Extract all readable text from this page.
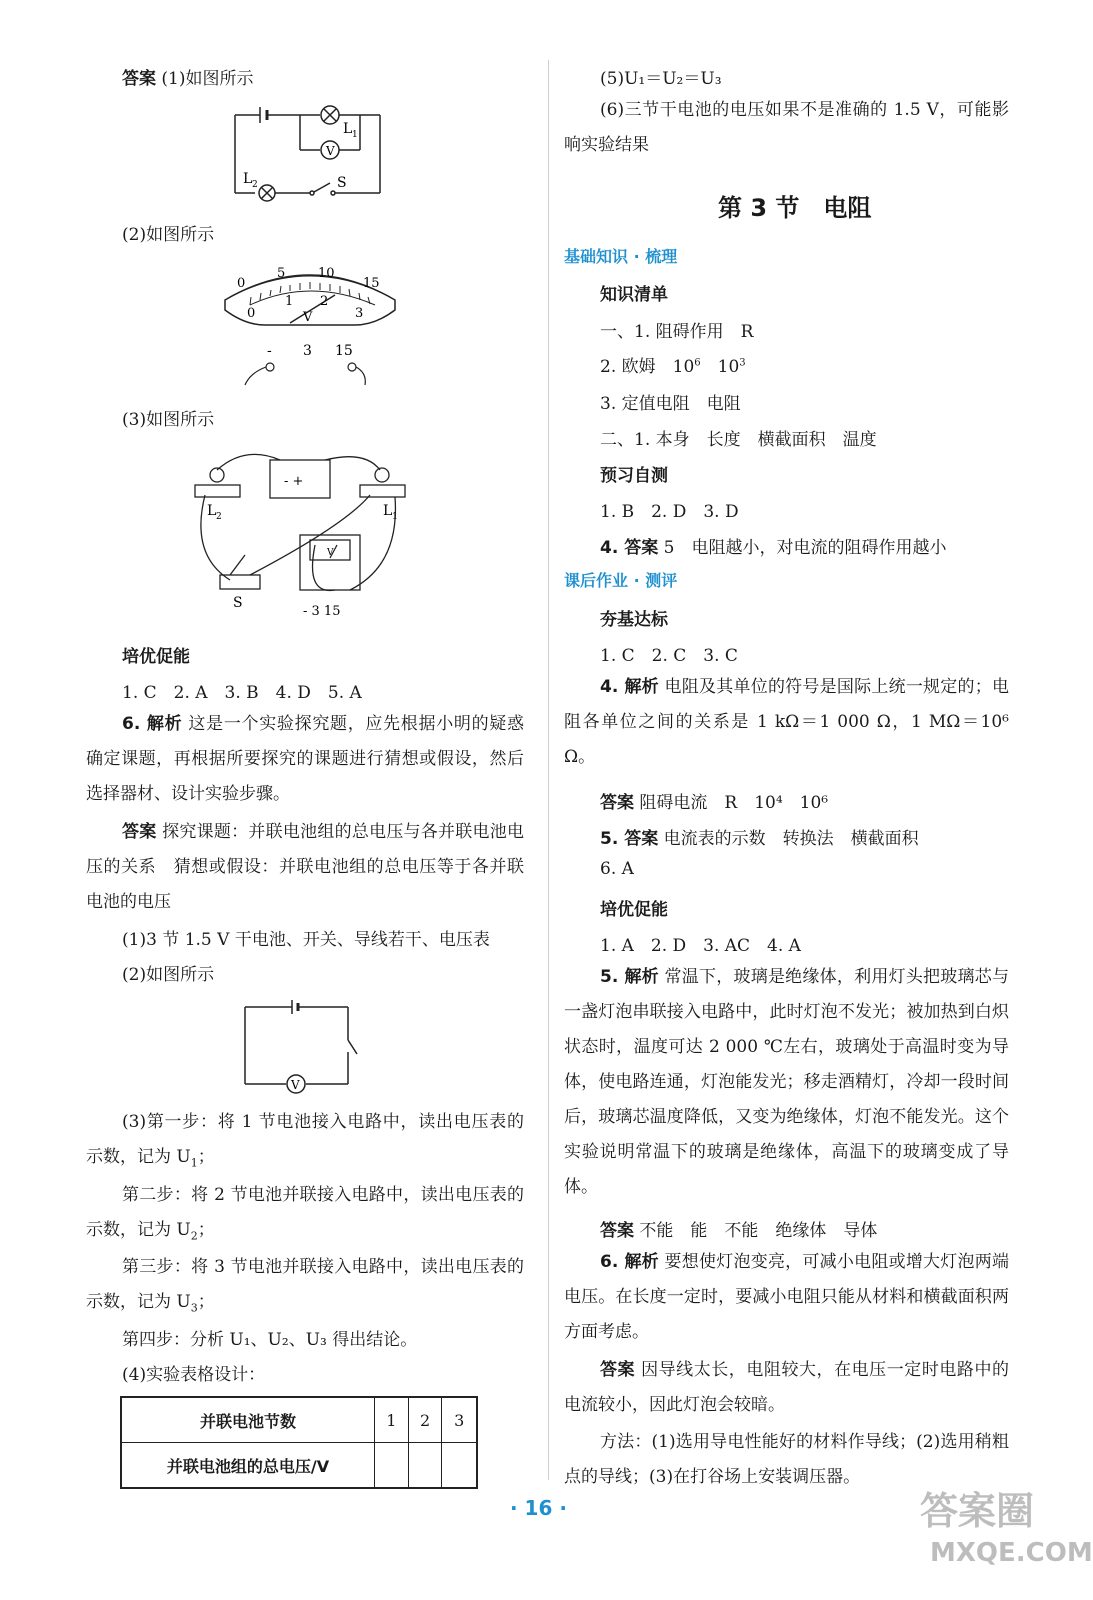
答案 (1)如图所示
V
L 1
L 2	S
(2)如图所示
0
5	10
15
0
1 2
3
V
- 3 15
(3)如图所示
- +
V
L 2	L 1
S
- 3 15
培优促能
1. C　2. A　3. B　4. D　5. A
6. 解析 这是一个实验探究题，应先根据小明的疑惑确定课题，再根据所要探究的课题进行猜想或假设，然后选择器材、设计实验步骤。
答案 探究课题：并联电池组的总电压与各并联电池电压的关系　猜想或假设：并联电池组的总电压等于各并联电池的电压
(1)3 节 1.5 V 干电池、开关、导线若干、电压表
(2)如图所示
V
(3)第一步：将 1 节电池接入电路中，读出电压表的示数，记为 $U_1$；
第二步：将 2 节电池并联接入电路中，读出电压表的示数，记为 $U_2$；
第三步：将 3 节电池并联接入电路中，读出电压表的示数，记为 $U_3$；
第四步：分析 U₁、U₂、U₃ 得出结论。
(4)实验表格设计：
并联电池节数	1	2	3
并联电池组的总电压/V			
(5)U₁＝U₂＝U₃
(6)三节干电池的电压如果不是准确的 1.5 V，可能影响实验结果
第 3 节　电阻
基础知识 · 梳理
知识清单
一、1. 阻碍作用　R
2. 欧姆　$10^6$　$10^3$
3. 定值电阻　电阻
二、1. 本身　长度　横截面积　温度
预习自测
1. B　2. D　3. D
4. 答案 5　电阻越小，对电流的阻碍作用越小
课后作业 · 测评
夯基达标
1. C　2. C　3. C
4. 解析 电阻及其单位的符号是国际上统一规定的；电阻各单位之间的关系是 1 kΩ＝1 000 Ω，1 MΩ＝10⁶ Ω。
答案 阻碍电流　R　10⁴　10⁶
5. 答案 电流表的示数　转换法　横截面积
6. A
培优促能
1. A　2. D　3. AC　4. A
5. 解析 常温下，玻璃是绝缘体，利用灯头把玻璃芯与一盏灯泡串联接入电路中，此时灯泡不发光；被加热到白炽状态时，温度可达 2 000 ℃左右，玻璃处于高温时变为导体，使电路连通，灯泡能发光；移走酒精灯，冷却一段时间后，玻璃芯温度降低，又变为绝缘体，灯泡不能发光。这个实验说明常温下的玻璃是绝缘体，高温下的玻璃变成了导体。
答案 不能　能　不能　绝缘体　导体
6. 解析 要想使灯泡变亮，可减小电阻或增大灯泡两端电压。在长度一定时，要减小电阻只能从材料和横截面积两方面考虑。
答案 因导线太长，电阻较大，在电压一定时电路中的电流较小，因此灯泡会较暗。
方法：(1)选用导电性能好的材料作导线；(2)选用稍粗点的导线；(3)在打谷场上安装调压器。
· 16 ·	答案圈
MXQE.COM
